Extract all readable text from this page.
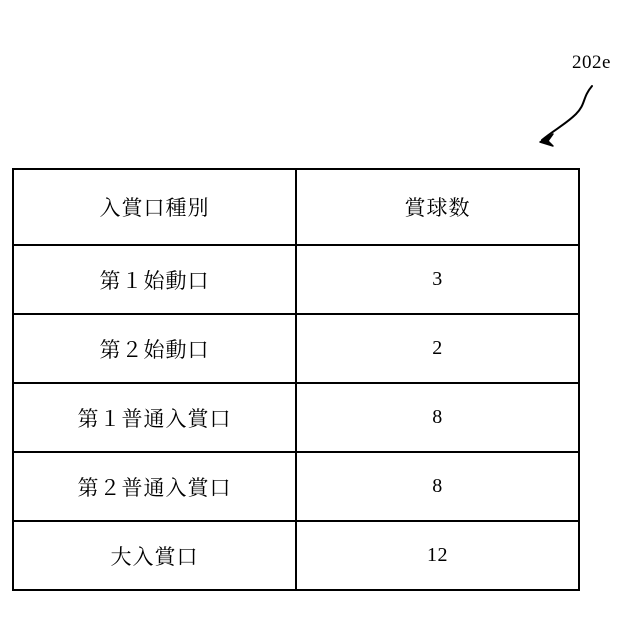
202e
入賞口種別	賞球数
第１始動口	3
第２始動口	2
第１普通入賞口	8
第２普通入賞口	8
大入賞口	12
